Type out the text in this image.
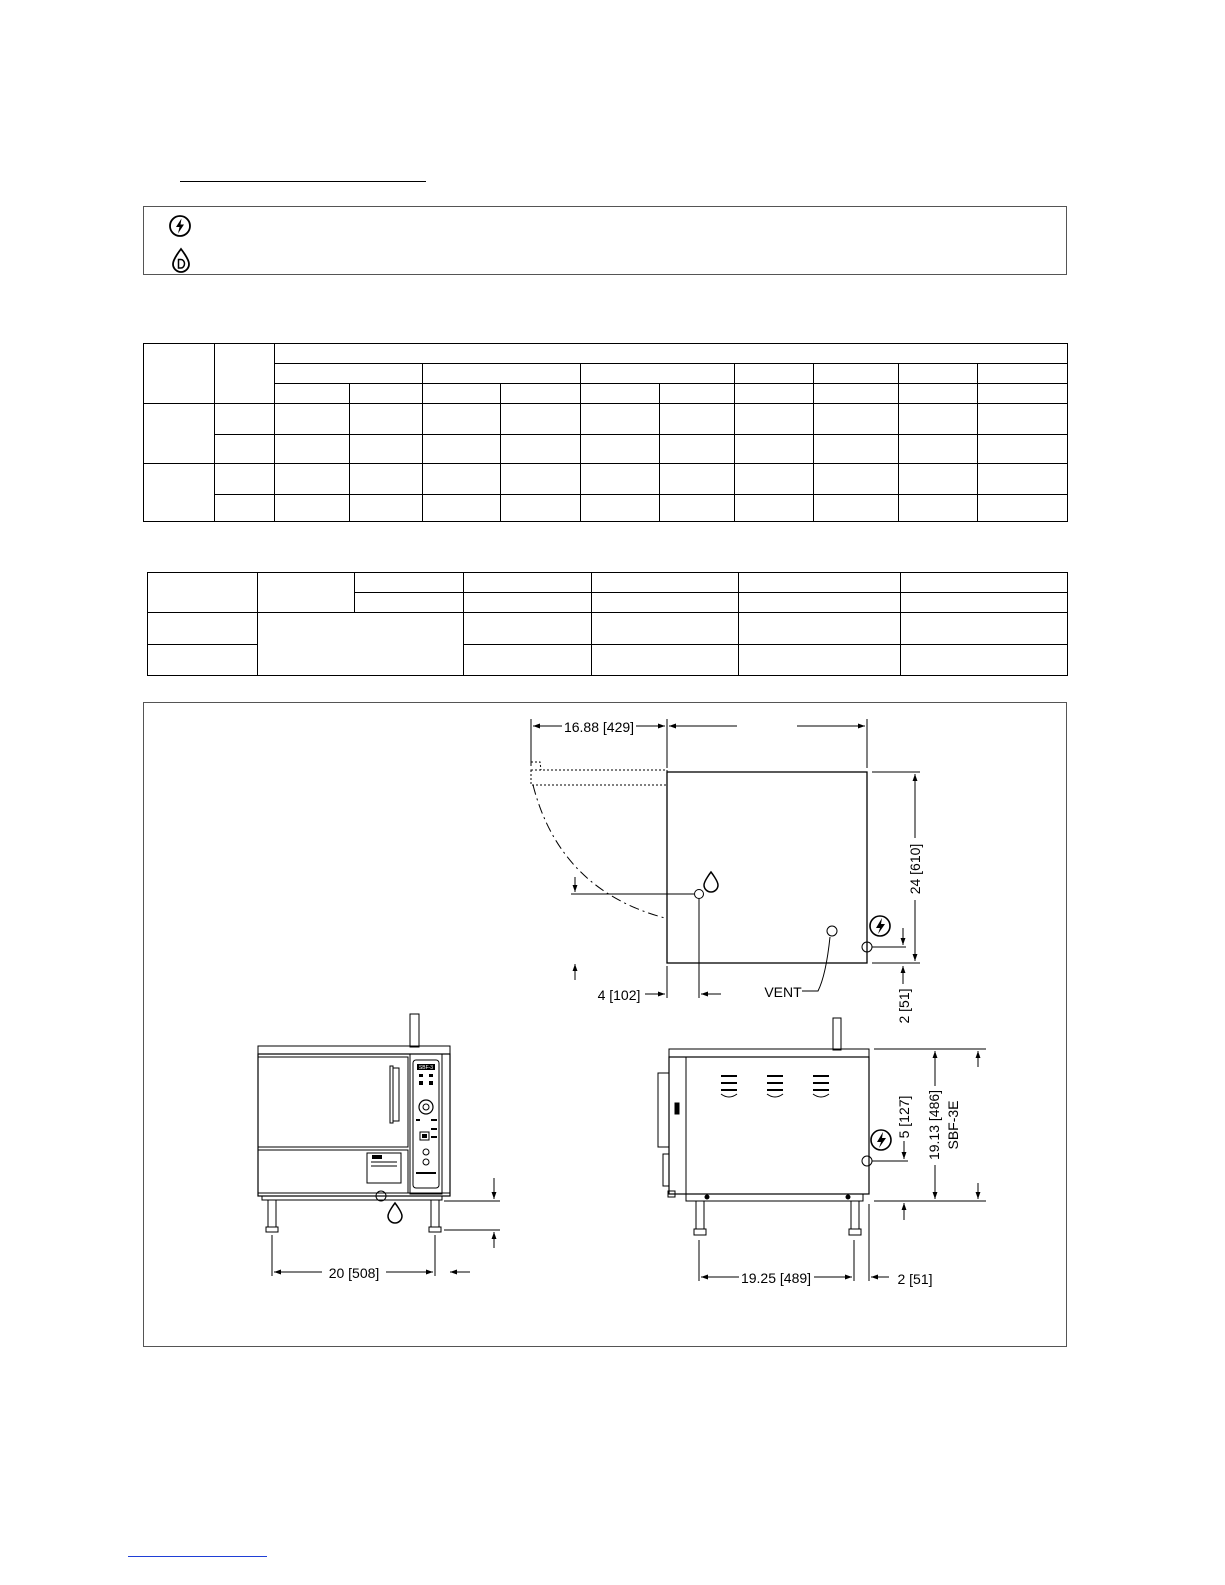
16.88 [429]
24 [610]
4 [102]	VENT	2 [51]
SBF-3
20 [508]
5 [127] 19.13 [486] SBF-3E
19.25 [489]	2 [51]
